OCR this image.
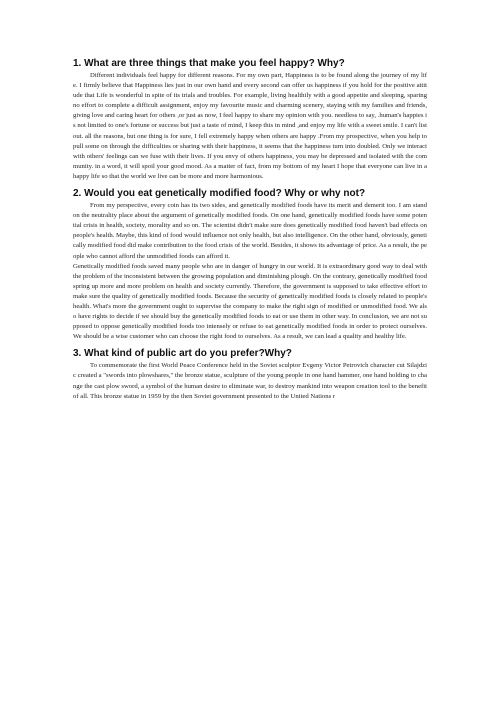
1. What are three things that make you feel happy? Why?

Different individuals feel happy for different reasons. For my own part, Happiness is to be found along the journey of my life. I firmly believe that Happiness lies just in our own hand and every second can offer us happiness if you hold for the positive attitude that Life is wonderful in spite of its trials and troubles. For example, living healthily with a good appetite and sleeping, sparing no effort to complete a difficult assignment, enjoy my favourite music and charming scenery, staying with my families and friends, giving love and caring heart for others ,or just as now, I feel happy to share my opinion with you. needless to say, .human's happies is not limited to one's fortune or success but just a taste of mind, I keep this in mind ,and enjoy my life with a sweet smile. I can't list out. all the reasons, but one thing is for sure, I fell extremely happy when others are happy .From my prospective, when you help to pull some on through the difficulties or sharing with their happiness, it seems that the happiness turn into doubled. Only we interact with others' feelings can we fuse with their lives. If you envy of others happiness, you may be depressed and isolated with the community. in a word, it will spoil your good mood. As a matter of fact, from my bottom of my heart I hope that everyone can live in a happy life so that the world we live can be more and more harmonious.

2. Would you eat genetically modified food? Why or why not?

From my perspective, every coin has its two sides, and genetically modified foods have its merit and demerit too. I am stand on the neutrality place about the argument of genetically modified foods. On one hand, genetically modified foods have some potential crisis in health, society, morality and so on. The scientist didn't make sure does genetically modified food haven't bad effects on people's health. Maybe, this kind of food would influence not only health, but also intelligence. On the other hand, obviously, genetically modified food did make contribution to the food crisis of the world. Besides, it shows its advantage of price. As a result, the people who cannot afford the unmodified foods can afford it.

Genetically modified foods saved many people who are in danger of hungry in our world. It is extraordinary good way to deal with the problem of the inconsistent between the growing population and diminishing plough. On the contrary, genetically modified food spring up more and more problem on health and society currently. Therefore, the government is supposed to take effective effort to make sure the quality of genetically modified foods. Because the security of genetically modified foods is closely related to people's health. What's more the government ought to supervise the company to make the right sign of modified or unmodified food. We also have rights to decide if we should buy the genetically modified foods to eat or use them in other way. In conclusion, we are not supposed to oppose genetically modified foods too intensely or refuse to eat genetically modified foods in order to protect ourselves. We should be a wise customer who can choose the right food to ourselves. As a result, we can lead a quality and healthy life.

3. What kind of public art do you prefer?Why?

To commemorate the first World Peace Conference held in the Soviet sculptor Evgeny Victor Petrovich character cut Silajdzic created a "swords into plowshares," the bronze statue, sculpture of the young people in one hand hammer, one hand holding to change the cast plow sword, a symbol of the human desire to eliminate war, to destroy mankind into weapon creation tool to the benefit of all. This bronze statue in 1959 by the then Soviet government presented to the United Nations r
